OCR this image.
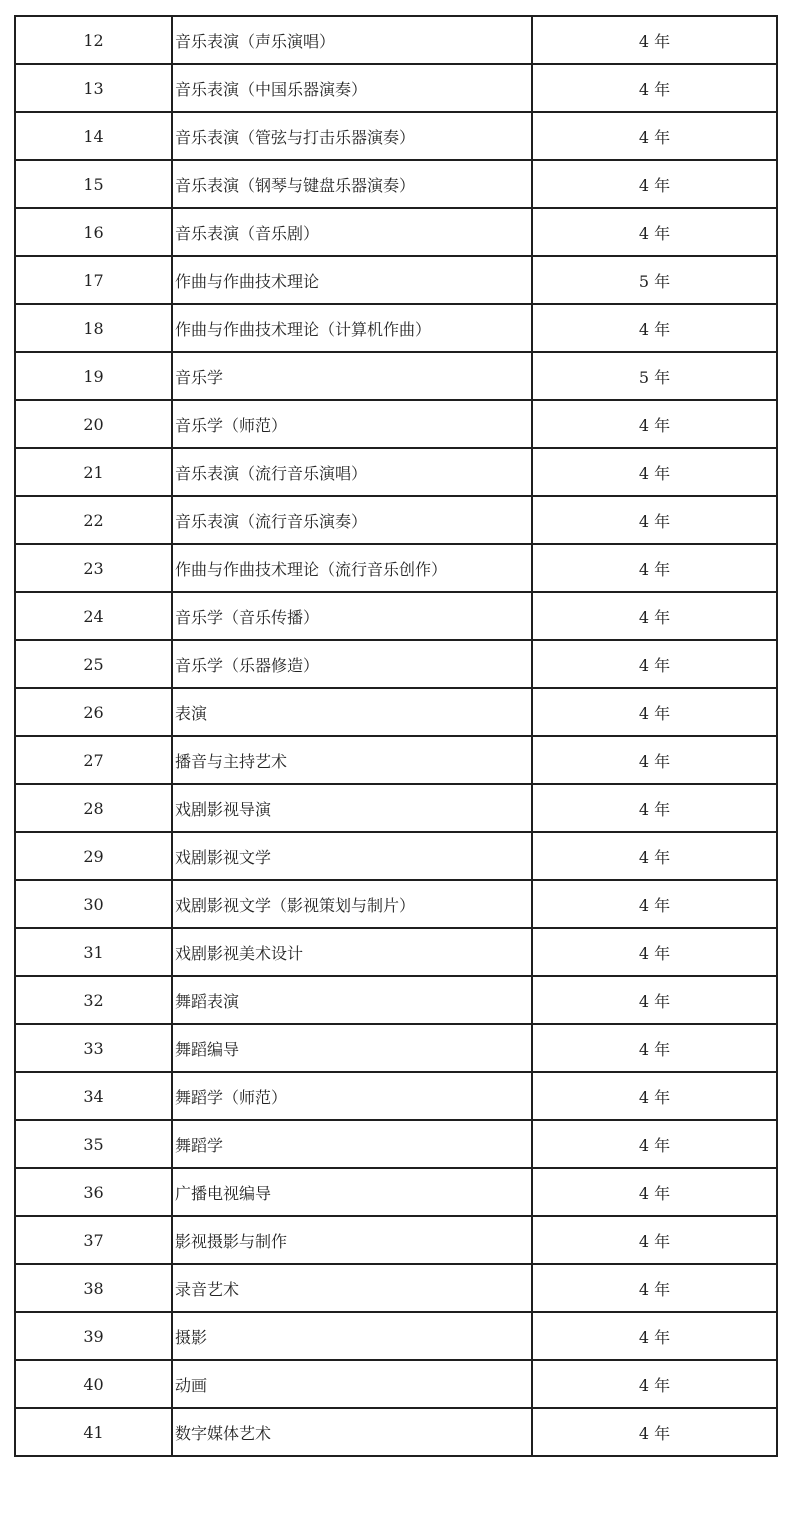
12	音乐表演（声乐演唱）	4 年
13	音乐表演（中国乐器演奏）	4 年
14	音乐表演（管弦与打击乐器演奏）	4 年
15	音乐表演（钢琴与键盘乐器演奏）	4 年
16	音乐表演（音乐剧）	4 年
17	作曲与作曲技术理论	5 年
18	作曲与作曲技术理论（计算机作曲）	4 年
19	音乐学	5 年
20	音乐学（师范）	4 年
21	音乐表演（流行音乐演唱）	4 年
22	音乐表演（流行音乐演奏）	4 年
23	作曲与作曲技术理论（流行音乐创作）	4 年
24	音乐学（音乐传播）	4 年
25	音乐学（乐器修造）	4 年
26	表演	4 年
27	播音与主持艺术	4 年
28	戏剧影视导演	4 年
29	戏剧影视文学	4 年
30	戏剧影视文学（影视策划与制片）	4 年
31	戏剧影视美术设计	4 年
32	舞蹈表演	4 年
33	舞蹈编导	4 年
34	舞蹈学（师范）	4 年
35	舞蹈学	4 年
36	广播电视编导	4 年
37	影视摄影与制作	4 年
38	录音艺术	4 年
39	摄影	4 年
40	动画	4 年
41	数字媒体艺术	4 年
